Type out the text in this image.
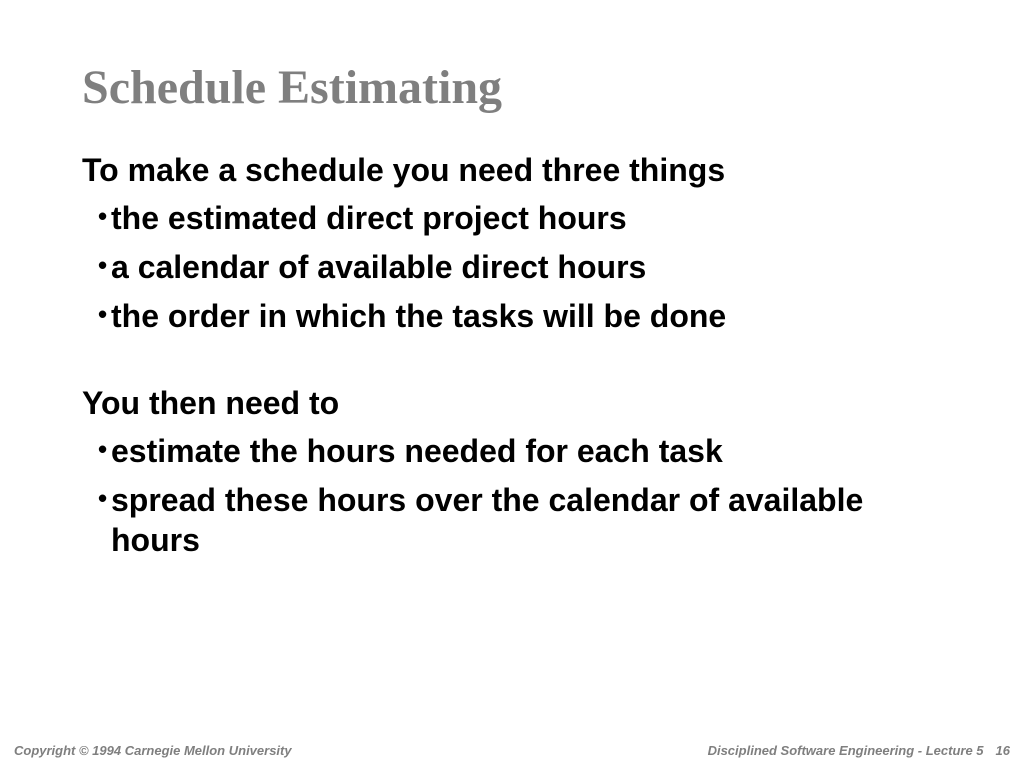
Schedule Estimating

To make a schedule you need three things

• the estimated direct project hours
• a calendar of available direct hours
• the order in which the tasks will be done

You then need to

• estimate the hours needed for each task
• spread these hours over the calendar of available hours
Copyright © 1994 Carnegie Mellon University	Disciplined Software Engineering - Lecture 5 16
